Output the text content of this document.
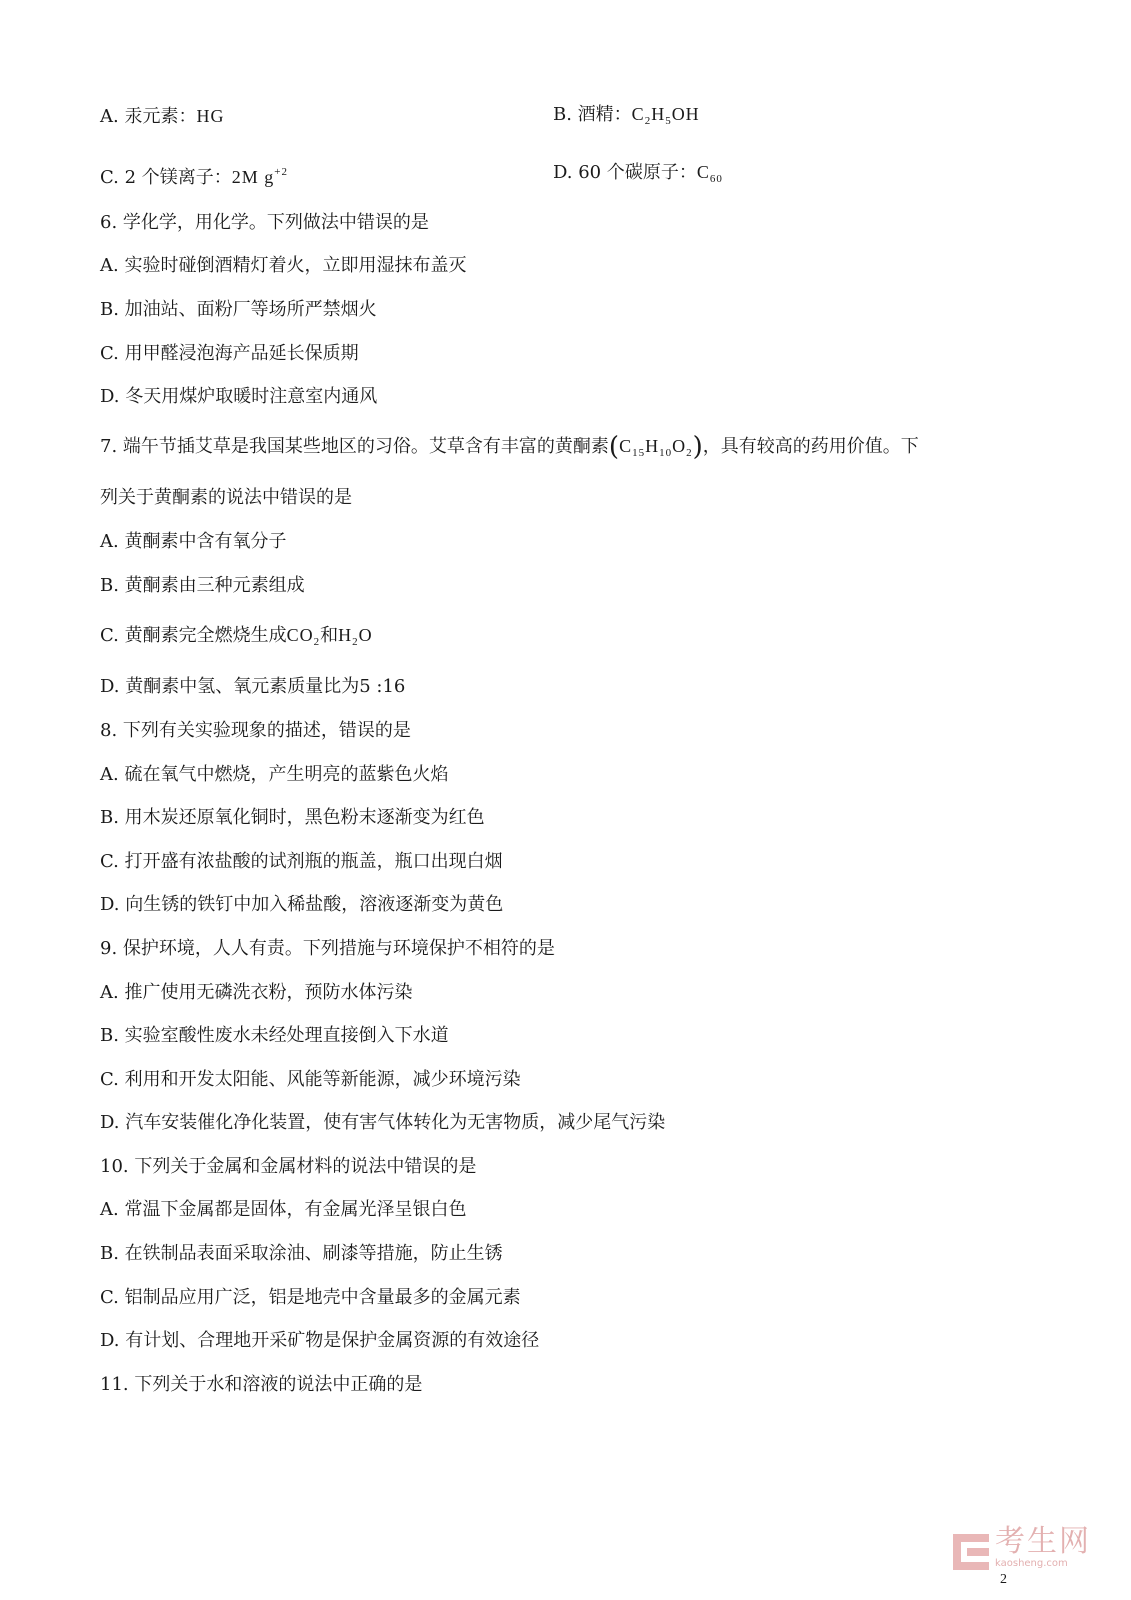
A. 汞元素：HG	B. 酒精：$C_2H_5OH$
C. 2 个镁离子：2M $g^{+2}$	D. 60 个碳原子：$C_{60}$
6. 学化学，用化学。下列做法中错误的是
A. 实验时碰倒酒精灯着火，立即用湿抹布盖灭
B. 加油站、面粉厂等场所严禁烟火
C. 用甲醛浸泡海产品延长保质期
D. 冬天用煤炉取暖时注意室内通风
7. 端午节插艾草是我国某些地区的习俗。艾草含有丰富的黄酮素$(C_{15}H_{10}O_2)$，具有较高的药用价值。下
列关于黄酮素的说法中错误的是
A. 黄酮素中含有氧分子
B. 黄酮素由三种元素组成
C. 黄酮素完全燃烧生成$CO_2$和$H_2O$
D. 黄酮素中氢、氧元素质量比为5 :16
8. 下列有关实验现象的描述，错误的是
A. 硫在氧气中燃烧，产生明亮的蓝紫色火焰
B. 用木炭还原氧化铜时，黑色粉末逐渐变为红色
C. 打开盛有浓盐酸的试剂瓶的瓶盖，瓶口出现白烟
D. 向生锈的铁钉中加入稀盐酸，溶液逐渐变为黄色
9. 保护环境，人人有责。下列措施与环境保护不相符的是
A. 推广使用无磷洗衣粉，预防水体污染
B. 实验室酸性废水未经处理直接倒入下水道
C. 利用和开发太阳能、风能等新能源，减少环境污染
D. 汽车安装催化净化装置，使有害气体转化为无害物质，减少尾气污染
10. 下列关于金属和金属材料的说法中错误的是
A. 常温下金属都是固体，有金属光泽呈银白色
B. 在铁制品表面采取涂油、刷漆等措施，防止生锈
C. 铝制品应用广泛，铝是地壳中含量最多的金属元素
D. 有计划、合理地开采矿物是保护金属资源的有效途径
11. 下列关于水和溶液的说法中正确的是
考生网
kaosheng.com
2
